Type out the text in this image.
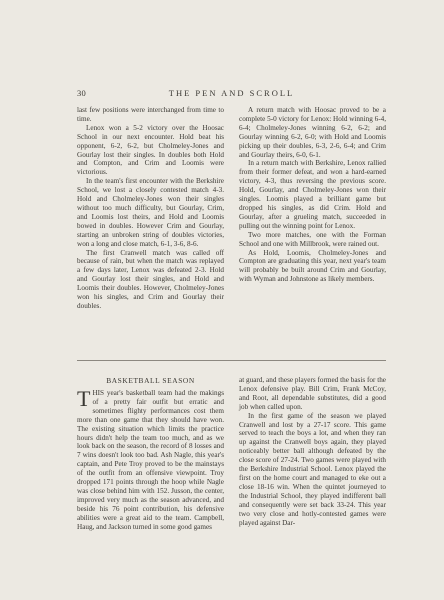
30	THE PEN AND SCROLL

last few positions were interchanged from time to time.

Lenox won a 5-2 victory over the Hoosac School in our next encounter. Hold beat his opponent, 6-2, 6-2, but Cholmeley-Jones and Gourlay lost their singles. In doubles both Hold and Compton, and Crim and Loomis were victorious.

In the team's first encounter with the Berkshire School, we lost a closely contested match 4-3. Hold and Cholmeley-Jones won their singles without too much difficulty, but Gourlay, Crim, and Loomis lost theirs, and Hold and Loomis bowed in doubles. However Crim and Gourlay, starting an unbroken string of doubles victories, won a long and close match, 6-1, 3-6, 8-6.

The first Cranwell match was called off because of rain, but when the match was replayed a few days later, Lenox was defeated 2-3. Hold and Gourlay lost their singles, and Hold and Loomis their doubles. However, Cholmeley-Jones won his singles, and Crim and Gourlay their doubles.

A return match with Hoosac proved to be a complete 5-0 victory for Lenox: Hold winning 6-4, 6-4; Cholmeley-Jones winning 6-2, 6-2; and Gourlay winning 6-2, 6-0; with Hold and Loomis picking up their doubles, 6-3, 2-6, 6-4; and Crim and Gourlay theirs, 6-0, 6-1.

In a return match with Berkshire, Lenox rallied from their former defeat, and won a hard-earned victory, 4-3, thus reversing the previous score. Hold, Gourlay, and Cholmeley-Jones won their singles. Loomis played a brilliant game but dropped his singles, as did Crim. Hold and Gourlay, after a grueling match, succeeded in pulling out the winning point for Lenox.

Two more matches, one with the Forman School and one with Millbrook, were rained out.

As Hold, Loomis, Cholmeley-Jones and Compton are graduating this year, next year's team will probably be built around Crim and Gourlay, with Wyman and Johnstone as likely members.

BASKETBALL SEASON

THIS year's basketball team had the makings of a pretty fair outfit but erratic and sometimes flighty performances cost them more than one game that they should have won. The existing situation which limits the practice hours didn't help the team too much, and as we look back on the season, the record of 8 losses and 7 wins doesn't look too bad. Ash Nagle, this year's captain, and Pete Troy proved to be the mainstays of the outfit from an offensive viewpoint. Troy dropped 171 points through the hoop while Nagle was close behind him with 152. Jusson, the center, improved very much as the season advanced, and beside his 76 point contribution, his defensive abilities were a great aid to the team. Campbell, Haug, and Jackson turned in some good games

at guard, and these players formed the basis for the Lenox defensive play. Bill Crim, Frank McCoy, and Root, all dependable substitutes, did a good job when called upon.

In the first game of the season we played Cranwell and lost by a 27-17 score. This game served to teach the boys a lot, and when they ran up against the Cranwell boys again, they played noticeably better ball although defeated by the close score of 27-24. Two games were played with the Berkshire Industrial School. Lenox played the first on the home court and managed to eke out a close 18-16 win. When the quintet journeyed to the Industrial School, they played indifferent ball and consequently were set back 33-24. This year two very close and hotly-contested games were played against Dar-
